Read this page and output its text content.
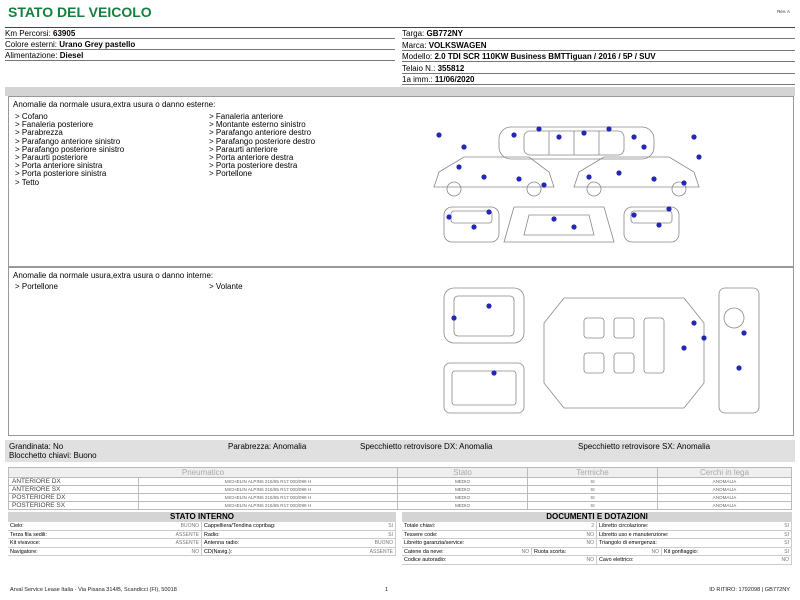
STATO DEL VEICOLO	Rev. A
Km Percorsi: 63905
Colore esterni: Urano Grey pastello
Alimentazione: Diesel
Targa: GB772NY
Marca: VOLKSWAGEN
Modello: 2.0 TDI SCR 110KW Business BMTTiguan / 2016 / 5P / SUV
Telaio N.: 355812
1a imm.: 11/06/2020
Anomalie da normale usura,extra usura o danno esterne:
> Cofano
> Fanaleria posteriore
> Parabrezza
> Parafango anteriore sinistro
> Parafango posteriore sinistro
> Paraurti posteriore
> Porta anteriore sinistra
> Porta posteriore sinistra
> Tetto
> Fanaleria anteriore
> Montante esterno sinistro
> Parafango anteriore destro
> Parafango posteriore destro
> Paraurti anteriore
> Porta anteriore destra
> Porta posteriore destra
> Portellone
Anomalie da normale usura,extra usura o danno interne:
> Portellone	> Volante
Grandinata: No
Blocchetto chiavi: Buono
Parabrezza: Anomalia	Specchietto retrovisore DX: Anomalia	Specchietto retrovisore SX: Anomalia
Pneumatico		Stato	Termiche	Cerchi in lega
ANTERIORE DX	MICHELIN ALPIN5 215/65 R17 000/099 H	MEDIO	SI	ANOMALIA
ANTERIORE SX	MICHELIN ALPIN5 215/65 R17 000/099 H	MEDIO	SI	ANOMALIA
POSTERIORE DX	MICHELIN ALPIN5 215/65 R17 000/099 H	MEDIO	SI	ANOMALIA
POSTERIORE SX	MICHELIN ALPIN5 215/65 R17 000/099 H	MEDIO	SI	ANOMALIA
STATO INTERNO
Cielo:	BUONO Cappelliera/Tendina copribag:	SI
Terza fila sedili:	ASSENTE Radio:	SI
Kit vivavoce:	ASSENTE Antenna radio:	BUONO
Navigatore:	NO CD(Navig.):	ASSENTE
DOCUMENTI E DOTAZIONI
Totale chiavi:	2 Libretto circolazione:	SI
Tessere code:	NO Libretto uso e manutenzione:	SI
Libretto garanzia/service:	NO Triangolo di emergenza:	SI
Catene da neve:	NO Ruota scorta:	NO Kit gonfiaggio:	SI
Codice autoradio:	NO Cavo elettrico:	NO
Arval Service Lease Italia - Via Pisana 314/B, Scandicci (FI), 50018	1	ID RITIRO: 1792098 | GB772NY
